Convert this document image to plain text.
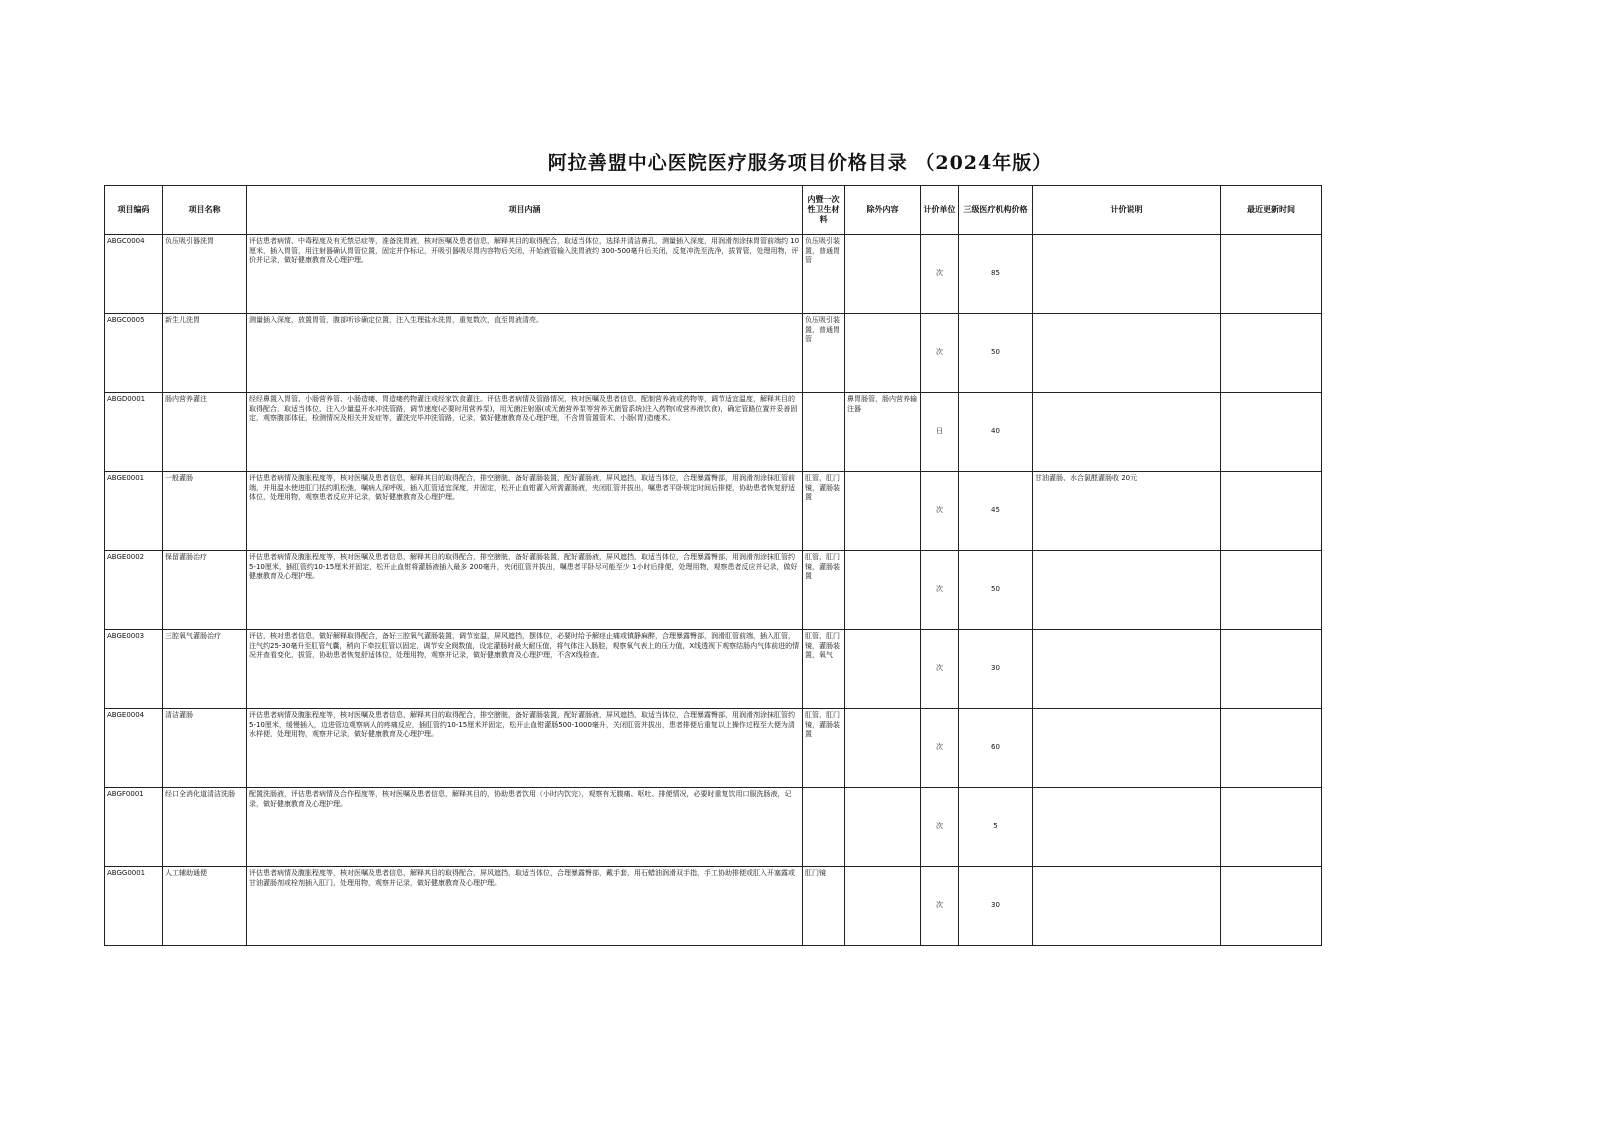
阿拉善盟中心医院医疗服务项目价格目录 （2024年版）
项目编码	项目名称	项目内涵	内暨一次性卫生材料	除外内容	计价单位	三级医疗机构价格	计价说明	最近更新时间
ABGC0004	负压吸引器洗胃	评估患者病情、中毒程度及有无禁忌症等，准备洗胃液，核对医嘱及患者信息，解释其目的取得配合，取适当体位，选择并清洁鼻孔，测量插入深度，用润滑剂涂抹胃管前端约 10厘米，插入胃管，用注射器确认胃管位置，固定并作标记，开吸引器吸尽胃内容物后关闭，开始液管输入洗胃液约 300-500毫升后关闭，反复冲洗至洗净，拔胃管，处理用物，评价并记录，做好健康教育及心理护理。	负压吸引装置，普通胃管		次	85		
ABGC0005	新生儿洗胃	测量插入深度，放置胃管，腹部听诊确定位置，注入生理盐水洗胃，重复数次，直至胃液清亮。	负压吸引装置，普通胃管		次	50		
ABGD0001	肠内营养灌注	经经鼻置入胃管、小肠营养管、小肠造瘘、胃造瘘药物灌注或经家饮食灌注。评估患者病情及管路情况，核对医嘱及患者信息，配制营养液或药物等，调节适宜温度，解释其目的取得配合，取适当体位，注入少量温开水冲洗管路，调节速度(必要时用营养泵)，用无菌注射器(或无菌营养泵等营养无菌管系统)注入药物(或营养液饮食)，确定管路位置并妥善固定，观察腹部体征，检测情况及相关并发症等，灌洗完毕冲洗管路，记录，做好健康教育及心理护理，不含胃管置管术、小肠(胃)造瘘术。		鼻胃肠管，肠内营养输注器	日	40		
ABGE0001	一般灌肠	评估患者病情及腹胀程度等，核对医嘱及患者信息，解释其目的取得配合，排空膀胱，备好灌肠装置，配好灌肠液，屏风遮挡，取适当体位，合理暴露臀部，用润滑剂涂抹肛管前端，并用温水使进肛门括约肌松弛，嘱病人深呼吸，插入肛管适宜深度，并固定，松开止血钳灌入所需灌肠液，夹闭肛管并拔出，嘱患者平卧规定时间后排便，协助患者恢复舒适体位，处理用物，观察患者反应并记录，做好健康教育及心理护理。	肛管，肛门镜，灌肠装置		次	45	甘油灌肠、水合氯醛灌肠收 20元	
ABGE0002	保留灌肠治疗	评估患者病情及腹胀程度等，核对医嘱及患者信息，解释其目的取得配合，排空膀胱，备好灌肠装置，配好灌肠液，屏风遮挡，取适当体位，合理暴露臀部，用润滑剂涂抹肛管约 5-10厘米，插肛管约10-15厘米并固定，松开止血钳将灌肠液插入最多 200毫升，夹闭肛管并拔出，嘱患者平卧尽可能至少 1小时后排便，处理用物，观察患者反应并记录，做好健康教育及心理护理。	肛管，肛门镜，灌肠装置		次	50		
ABGE0003	三腔氧气灌肠治疗	评估，核对患者信息，做好解释取得配合，备好三腔氧气灌肠装置，调节室温，屏风遮挡，摆体位，必要时给予解痉止痛或镇静麻醉，合理暴露臀部，润滑肛管前端，插入肛管，注气约25-30毫升至肛管气囊，稍向下牵拉肛管以固定，调节安全阀数值，设定灌肠时最大耐压值，将气体注入肠腔，观察氧气表上的压力值，X线透视下观察结肠内气体前进的情况并查看变化，拔管，协助患者恢复舒适体位，处理用物，观察并记录，做好健康教育及心理护理，不含X线检查。	肛管，肛门镜，灌肠装置，氧气		次	30		
ABGE0004	清洁灌肠	评估患者病情及腹胀程度等，核对医嘱及患者信息，解释其目的取得配合，排空膀胱，备好灌肠装置，配好灌肠液，屏风遮挡，取适当体位，合理暴露臀部，用润滑剂涂抹肛管约 5-10厘米，缓慢插入，边进管边观察病人的疼痛反应，插肛管约10-15厘米并固定，松开止血钳灌肠500-1000毫升，关闭肛管并拔出，患者排便后重复以上操作过程至大便为清水样便，处理用物，观察并记录，做好健康教育及心理护理。	肛管，肛门镜，灌肠装置		次	60		
ABGF0001	经口全消化道清洁洗肠	配置洗肠液，评估患者病情及合作程度等，核对医嘱及患者信息，解释其目的，协助患者饮用（小时内饮完），观察有无腹痛、呕吐、排便情况，必要时重复饮用口服洗肠液，记录，做好健康教育及心理护理。			次	5		
ABGG0001	人工辅助通便	评估患者病情及腹胀程度等，核对医嘱及患者信息，解释其目的取得配合，屏风遮挡，取适当体位，合理暴露臀部，戴手套，用石蜡油润滑双手指，手工协助排便或肛入开塞露或甘油灌肠剂或栓剂插入肛门，处理用物，观察并记录，做好健康教育及心理护理。	肛门镜		次	30		
